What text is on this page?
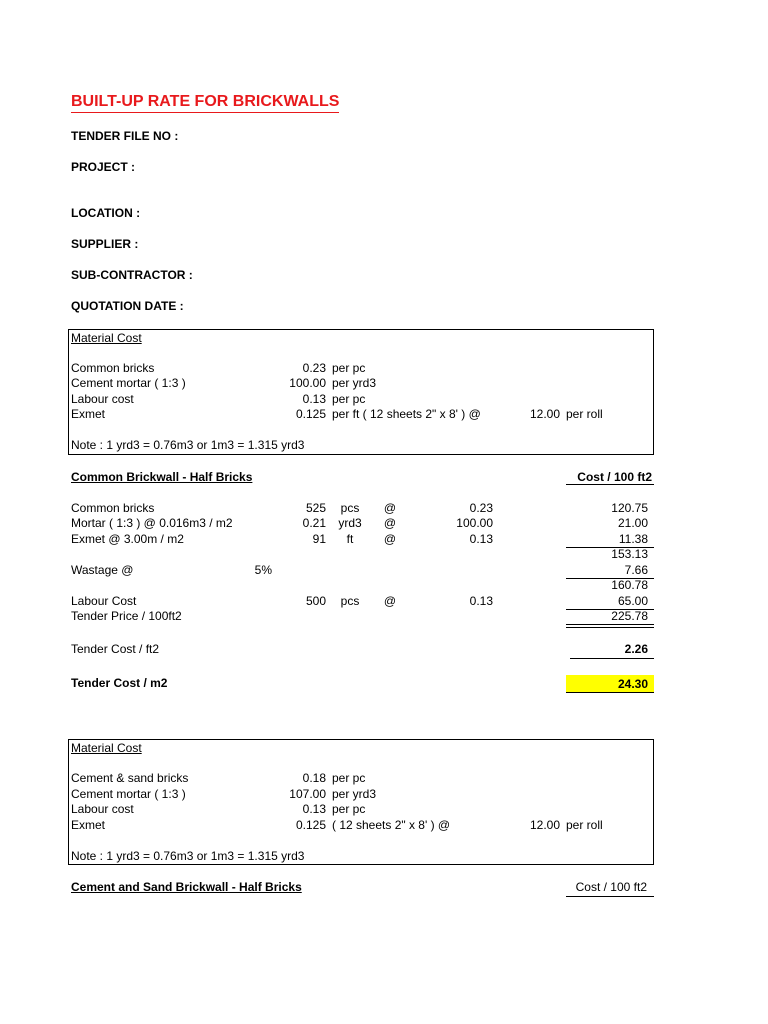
BUILT-UP RATE FOR BRICKWALLS
TENDER FILE NO :
PROJECT :
LOCATION :
SUPPLIER :
SUB-CONTRACTOR :
QUOTATION DATE :
Material Cost
Common bricks	0.23 per pc
Cement mortar ( 1:3 )	100.00 per yrd3
Labour cost	0.13 per pc
Exmet	0.125 per ft ( 12 sheets 2" x 8' ) @	12.00 per roll
Note : 1 yrd3 = 0.76m3 or 1m3 = 1.315 yrd3
Common Brickwall - Half Bricks	Cost / 100 ft2
Common bricks	525	pcs	@	0.23	120.75
Mortar ( 1:3 ) @ 0.016m3 / m2	0.21	yrd3	@	100.00	21.00
Exmet @ 3.00m / m2	91	ft	@	0.13	11.38
153.13
Wastage @	5%	7.66
160.78
Labour Cost	500	pcs	@	0.13	65.00
Tender Price / 100ft2	225.78
Tender Cost / ft2	2.26
Tender Cost / m2	24.30
Material Cost
Cement & sand bricks	0.18 per pc
Cement mortar ( 1:3 )	107.00 per yrd3
Labour cost	0.13 per pc
Exmet	0.125 ( 12 sheets 2" x 8' ) @	12.00 per roll
Note : 1 yrd3 = 0.76m3 or 1m3 = 1.315 yrd3
Cement and Sand Brickwall - Half Bricks	Cost / 100 ft2
